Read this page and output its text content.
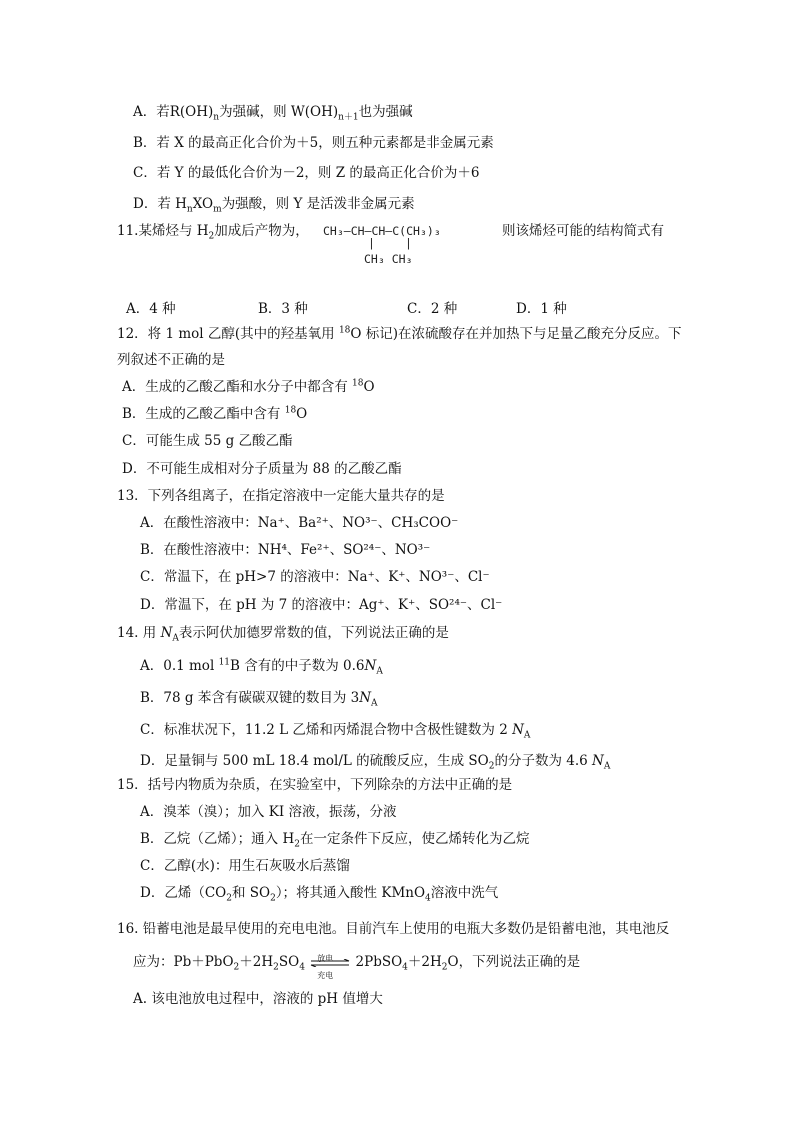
A．若$R(OH)_n$为强碱，则 $W(OH)_{n+1}$也为强碱
B．若 X 的最高正化合价为＋5，则五种元素都是非金属元素
C．若 Y 的最低化合价为－2，则 Z 的最高正化合价为＋6
D．若 $H_nXO_m$为强酸，则 Y 是活泼非金属元素
11.某烯烃与 $H_2$加成后产物为， CH₃—CH—CH—C(CH₃)₃
|	|
CH₃ CH₃
则该烯烃可能的结构简式有
A．4 种	B．3 种	C．2 种	D．1 种
12．将 1 mol 乙醇(其中的羟基氧用 $^{18}$O 标记)在浓硫酸存在并加热下与足量乙酸充分反应。下
列叙述不正确的是
A．生成的乙酸乙酯和水分子中都含有 $^{18}$O
B．生成的乙酸乙酯中含有 $^{18}$O
C．可能生成 55 g 乙酸乙酯
D．不可能生成相对分子质量为 88 的乙酸乙酯
13．下列各组离子，在指定溶液中一定能大量共存的是
A．在酸性溶液中：Na⁺、Ba²⁺、NO³⁻、CH₃COO⁻
B．在酸性溶液中：NH⁴、Fe²⁺、SO²⁴⁻、NO³⁻
C．常温下，在 pH>7 的溶液中：Na⁺、K⁺、NO³⁻、Cl⁻
D．常温下，在 pH 为 7 的溶液中：Ag⁺、K⁺、SO²⁴⁻、Cl⁻
14. 用 $N_A$表示阿伏加德罗常数的值，下列说法正确的是
A．0.1 mol $^{11}$B 含有的中子数为 $0.6N_A$
B．78 g 苯含有碳碳双键的数目为 $3N_A$
C．标准状况下，11.2 L 乙烯和丙烯混合物中含极性键数为 2 $N_A$
D．足量铜与 500 mL 18.4 mol/L 的硫酸反应，生成 $SO_2$的分子数为 4.6 $N_A$
15．括号内物质为杂质，在实验室中，下列除杂的方法中正确的是
A．溴苯（溴）；加入 KI 溶液，振荡，分液
B．乙烷（乙烯）；通入 $H_2$在一定条件下反应，使乙烯转化为乙烷
C．乙醇(水)：用生石灰吸水后蒸馏
D．乙烯（$CO_2$和 $SO_2$）；将其通入酸性 KMnO$_4$溶液中洗气
16. 铅蓄电池是最早使用的充电电池。目前汽车上使用的电瓶大多数仍是铅蓄电池，其电池反
应为：$Pb+PbO_2+2H_2SO_4$
放电
充电
$2PbSO_4+2H_2O$，下列说法正确的是
A. 该电池放电过程中，溶液的 pH 值增大
